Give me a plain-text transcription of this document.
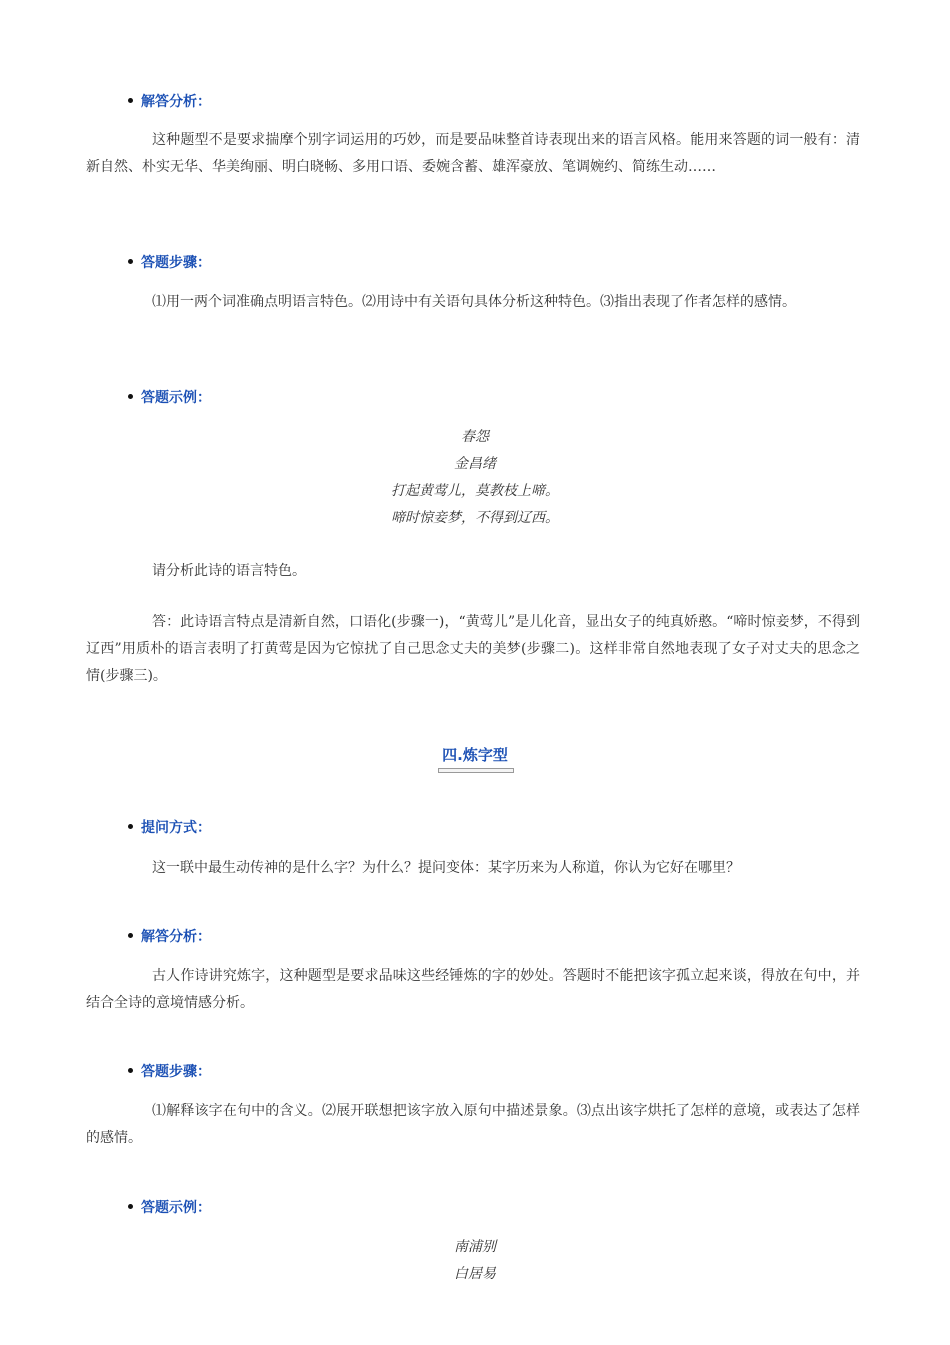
解答分析：

这种题型不是要求揣摩个别字词运用的巧妙，而是要品味整首诗表现出来的语言风格。能用来答题的词一般有：清新自然、朴实无华、华美绚丽、明白晓畅、多用口语、委婉含蓄、雄浑豪放、笔调婉约、简练生动……

答题步骤：

⑴用一两个词准确点明语言特色。⑵用诗中有关语句具体分析这种特色。⑶指出表现了作者怎样的感情。

答题示例：
春怨
金昌绪
打起黄莺儿，莫教枝上啼。
啼时惊妾梦，不得到辽西。

请分析此诗的语言特色。

答：此诗语言特点是清新自然，口语化(步骤一)，“黄莺儿”是儿化音，显出女子的纯真娇憨。“啼时惊妾梦，不得到辽西”用质朴的语言表明了打黄莺是因为它惊扰了自己思念丈夫的美梦(步骤二)。这样非常自然地表现了女子对丈夫的思念之情(步骤三)。

四.炼字型
提问方式：

这一联中最生动传神的是什么字？为什么？提问变体：某字历来为人称道，你认为它好在哪里？

解答分析：

古人作诗讲究炼字，这种题型是要求品味这些经锤炼的字的妙处。答题时不能把该字孤立起来谈，得放在句中，并结合全诗的意境情感分析。

答题步骤：

⑴解释该字在句中的含义。⑵展开联想把该字放入原句中描述景象。⑶点出该字烘托了怎样的意境，或表达了怎样的感情。

答题示例：
南浦别
白居易
